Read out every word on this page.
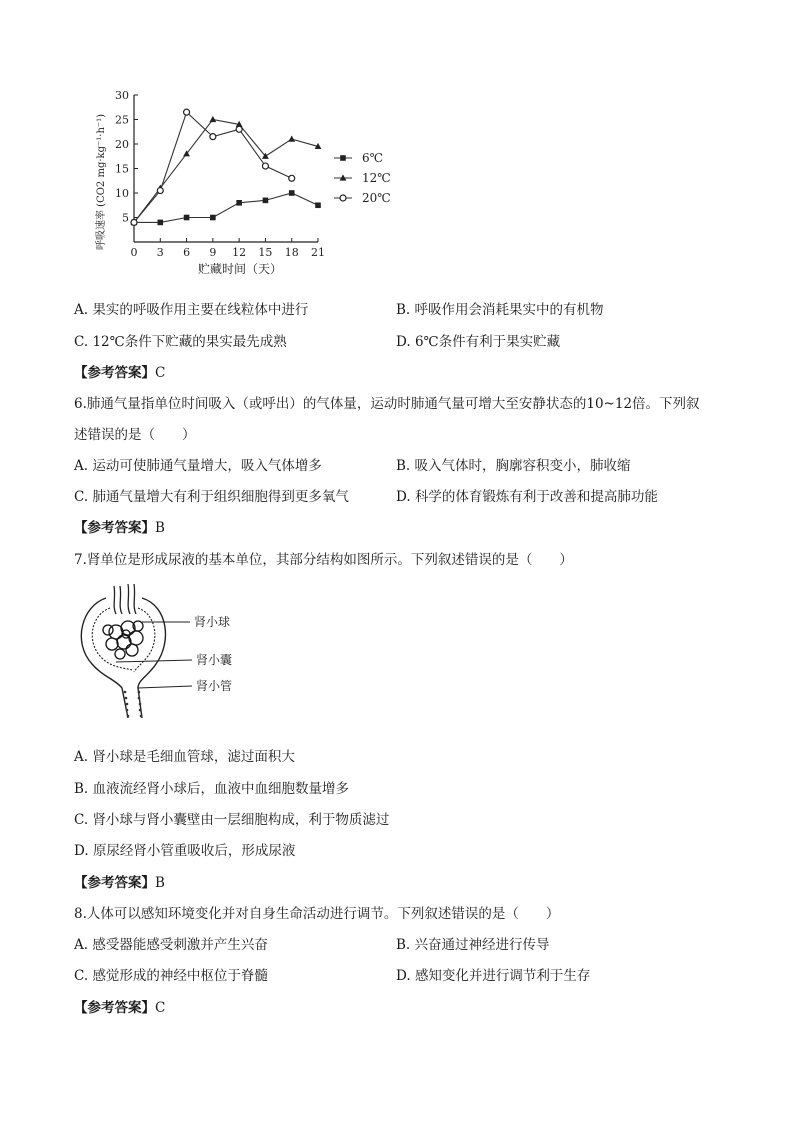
5
10
15
20
25
30
0 3 6 9 12 15 18 21
呼吸速率 (CO2 mg·kg⁻¹·h⁻¹)
贮藏时间（天）
6℃
12℃
20℃
A. 果实的呼吸作用主要在线粒体中进行	B. 呼吸作用会消耗果实中的有机物
C. 12℃条件下贮藏的果实最先成熟	D. 6℃条件有利于果实贮藏
【参考答案】C
6.肺通气量指单位时间吸入（或呼出）的气体量，运动时肺通气量可增大至安静状态的10~12倍。下列叙
述错误的是（　　）
A. 运动可使肺通气量增大，吸入气体增多	B. 吸入气体时，胸廓容积变小，肺收缩
C. 肺通气量增大有利于组织细胞得到更多氧气	D. 科学的体育锻炼有利于改善和提高肺功能
【参考答案】B
7.肾单位是形成尿液的基本单位，其部分结构如图所示。下列叙述错误的是（　　）
肾小球
肾小囊
肾小管
A. 肾小球是毛细血管球，滤过面积大
B. 血液流经肾小球后，血液中血细胞数量增多
C. 肾小球与肾小囊壁由一层细胞构成，利于物质滤过
D. 原尿经肾小管重吸收后，形成尿液
【参考答案】B
8.人体可以感知环境变化并对自身生命活动进行调节。下列叙述错误的是（　　）
A. 感受器能感受刺激并产生兴奋	B. 兴奋通过神经进行传导
C. 感觉形成的神经中枢位于脊髓	D. 感知变化并进行调节利于生存
【参考答案】C
